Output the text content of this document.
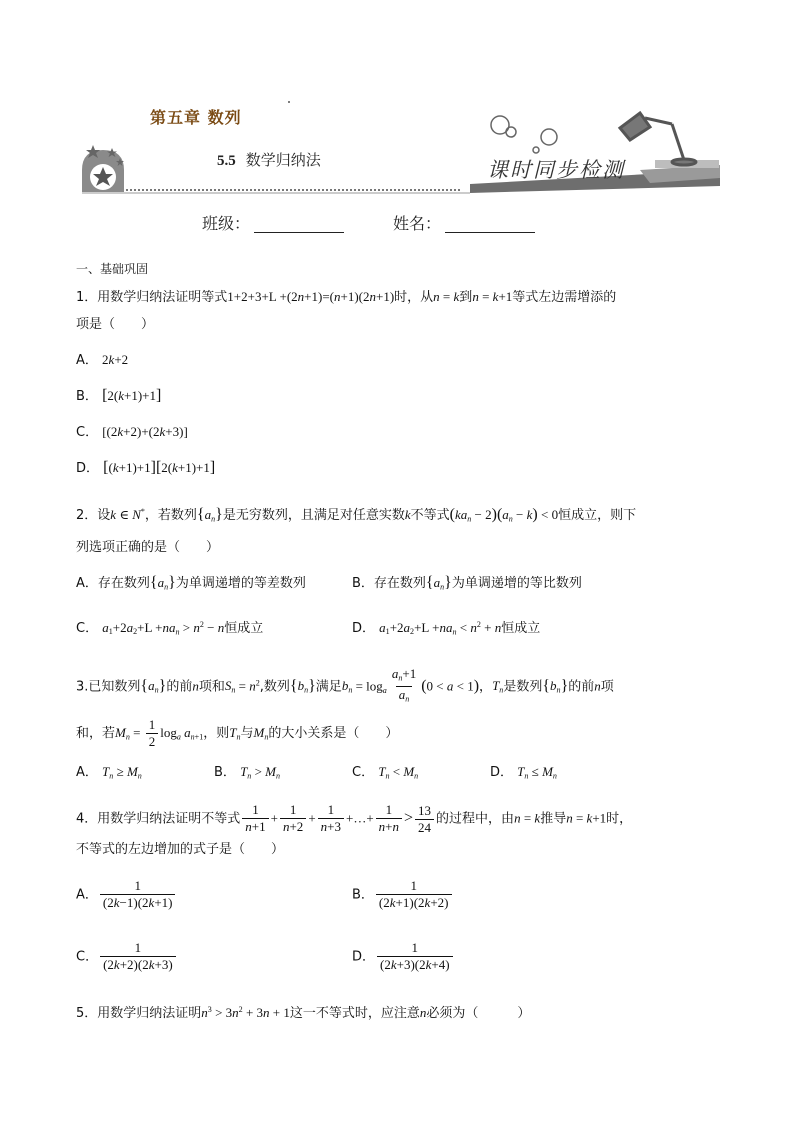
第五章 数列
5.5 数学归纳法	课时同步检测
班级：	姓名：
一、基础巩固
1．用数学归纳法证明等式1+2+3+L +(2n+1)=(n+1)(2n+1)时，从n = k到n = k+1等式左边需增添的
项是（　　）
A． 2k+2
B． [2(k+1)+1]
C． [(2k+2)+(2k+3)]
D． [(k+1)+1][2(k+1)+1]
2．设k ∈ N*，若数列$\{a_n\}$是无穷数列，且满足对任意实数k不等式$(ka_n - 2)(a_n - k) < 0$恒成立，则下
列选项正确的是（　　）
A．存在数列$\{a_n\}$为单调递增的等差数列	B．存在数列$\{a_n\}$为单调递增的等比数列
C． $a_1+2a_2+L +na_n > n^2 - n$恒成立	D． $a_1+2a_2+L +na_n < n^2 + n$恒成立
3.已知数列$\{a_n\}$的前n项和$S_n = n^2$,数列$\{b_n\}$满足$b_n = \log_a \frac{a_n+1}{a_n} (0 < a < 1)$，$T_n$是数列$\{b_n\}$的前n项
和，若$M_n = \frac{1}{2} \log_a a_{n+1}$，则$T_n$与$M_n$的大小关系是（　　）
A． $T_n \ge M_n$	B． $T_n > M_n$	C． $T_n < M_n$	D． $T_n \le M_n$
4．用数学归纳法证明不等式 $\frac{1}{n+1} + \frac{1}{n+2} + \frac{1}{n+3}$ +…+ $\frac{1}{n+n} > \frac{13}{24}$ 的过程中，由n = k推导n = k+1时，
不等式的左边增加的式子是（　　）
A． $\frac{1}{(2k-1)(2k+1)}$	B． $\frac{1}{(2k+1)(2k+2)}$
C． $\frac{1}{(2k+2)(2k+3)}$	D． $\frac{1}{(2k+3)(2k+4)}$
5．用数学归纳法证明$n^3 > 3n^2 + 3n + 1$这一不等式时，应注意n必须为（　　　）
